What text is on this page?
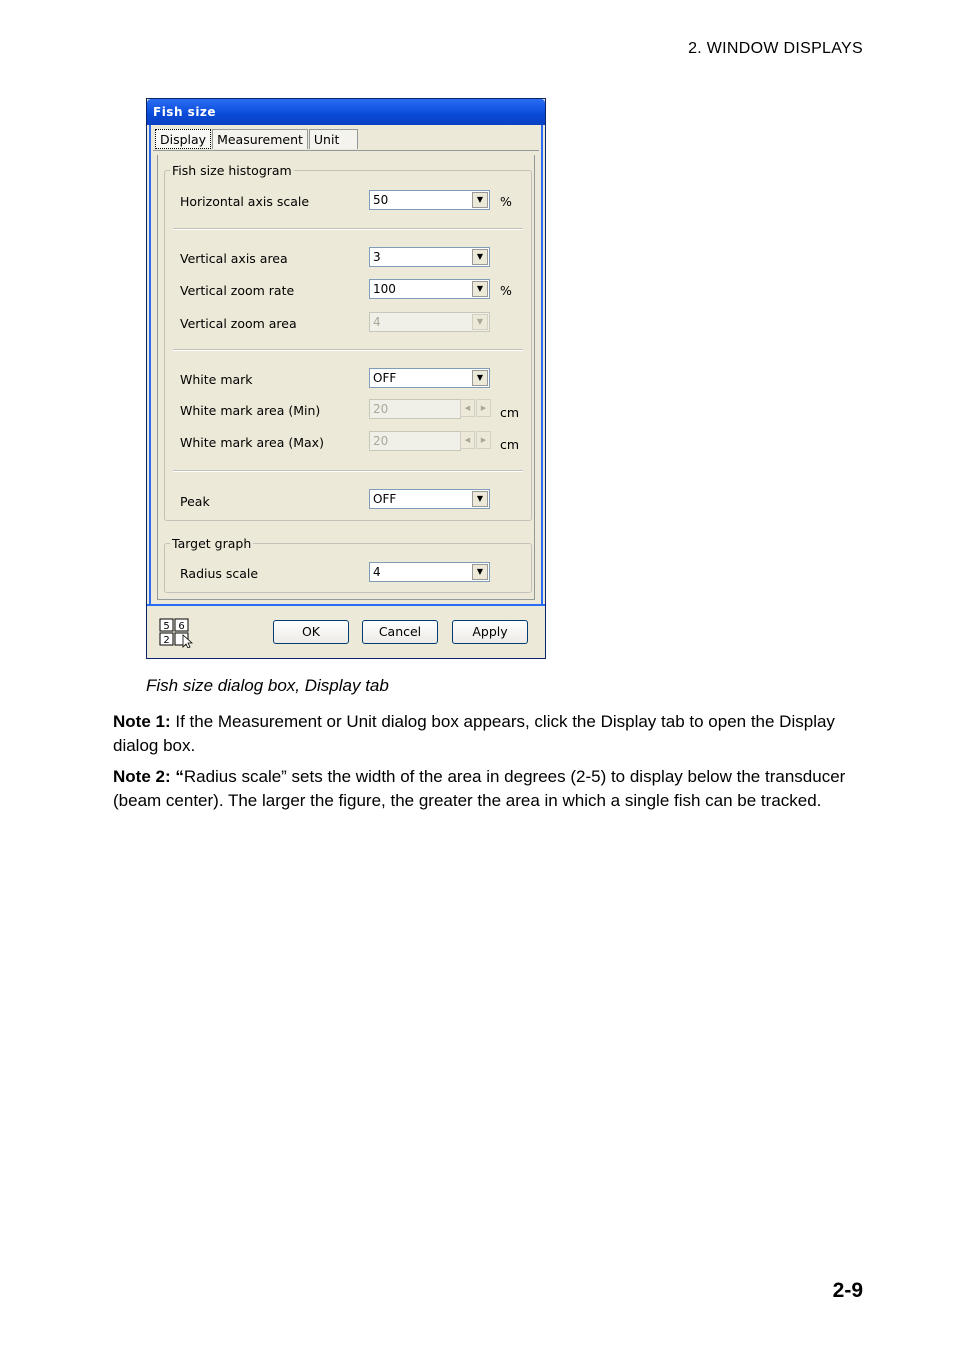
2. WINDOW DISPLAYS
Fish size
Display Measurement Unit
Fish size histogram
Horizontal axis scale	50	▼	%
Vertical axis area	3	▼
Vertical zoom rate	100	▼	%
Vertical zoom area	4	▼
White mark	OFF	▼
White mark area (Min)	20	◀	▶	cm
White mark area (Max)	20	◀	▶	cm
Peak	OFF	▼
Target graph
Radius scale	4	▼
5 6
2
OK	Cancel	Apply
Fish size dialog box, Display tab
Note 1: If the Measurement or Unit dialog box appears, click the Display tab to open the Display dialog box.
Note 2: “Radius scale” sets the width of the area in degrees (2-5) to display below the transducer (beam center). The larger the figure, the greater the area in which a single fish can be tracked.
2-9
